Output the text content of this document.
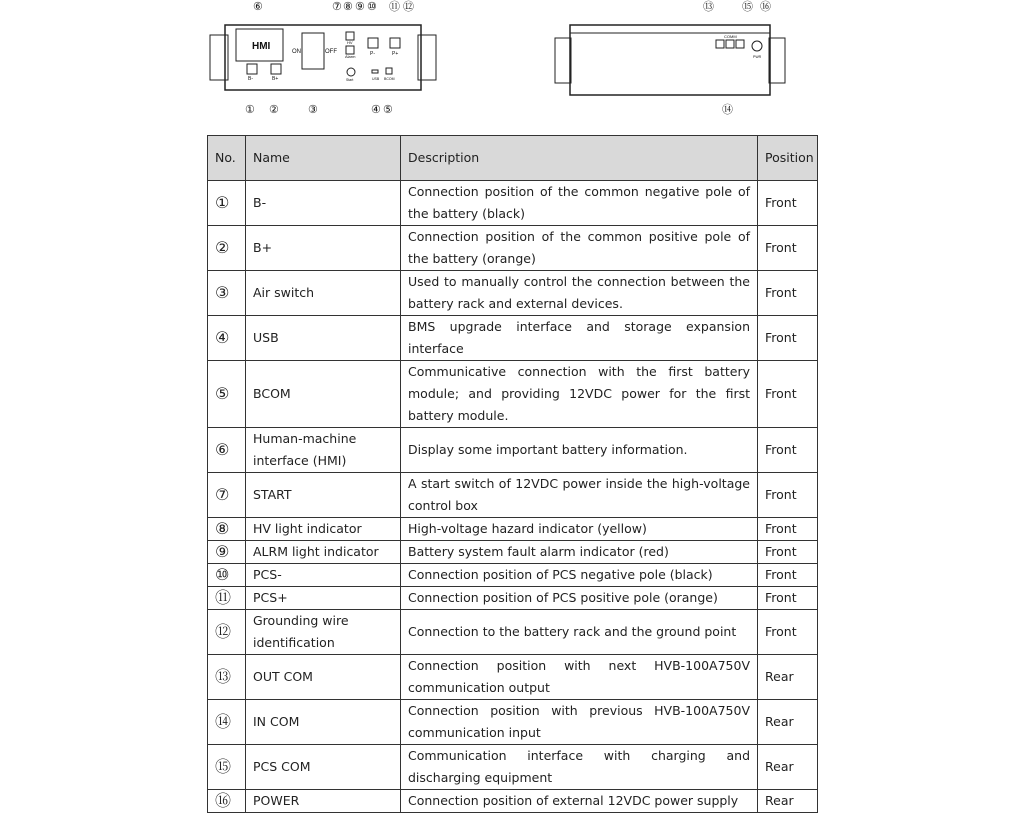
HMI	ON	OFF
HV
Alarm	P-	P+
B-	B+	Start	USB BCOM
⑥	⑦ ⑧ ⑨ ⑩ ⑪ ⑫
① ②	③	④ ⑤
COMM
PWR
⑬	⑮ ⑯
⑭
No.	Name	Description	Position
①	B-	Connection position of the common negative pole of the battery (black)	Front
②	B+	Connection position of the common positive pole of the battery (orange)	Front
③	Air switch	Used to manually control the connection between the battery rack and external devices.	Front
④	USB	BMS upgrade interface and storage expansion interface	Front
⑤	BCOM	Communicative connection with the first battery module; and providing 12VDC power for the first battery module.	Front
⑥	Human-machine interface (HMI)	Display some important battery information.	Front
⑦	START	A start switch of 12VDC power inside the high-voltage control box	Front
⑧	HV light indicator	High-voltage hazard indicator (yellow)	Front
⑨	ALRM light indicator	Battery system fault alarm indicator (red)	Front
⑩	PCS-	Connection position of PCS negative pole (black)	Front
⑪	PCS+	Connection position of PCS positive pole (orange)	Front
⑫	Grounding wire identification	Connection to the battery rack and the ground point	Front
⑬	OUT COM	Connection position with next HVB-100A750V communication output	Rear
⑭	IN COM	Connection position with previous HVB-100A750V communication input	Rear
⑮	PCS COM	Communication interface with charging and discharging equipment	Rear
⑯	POWER	Connection position of external 12VDC power supply	Rear
